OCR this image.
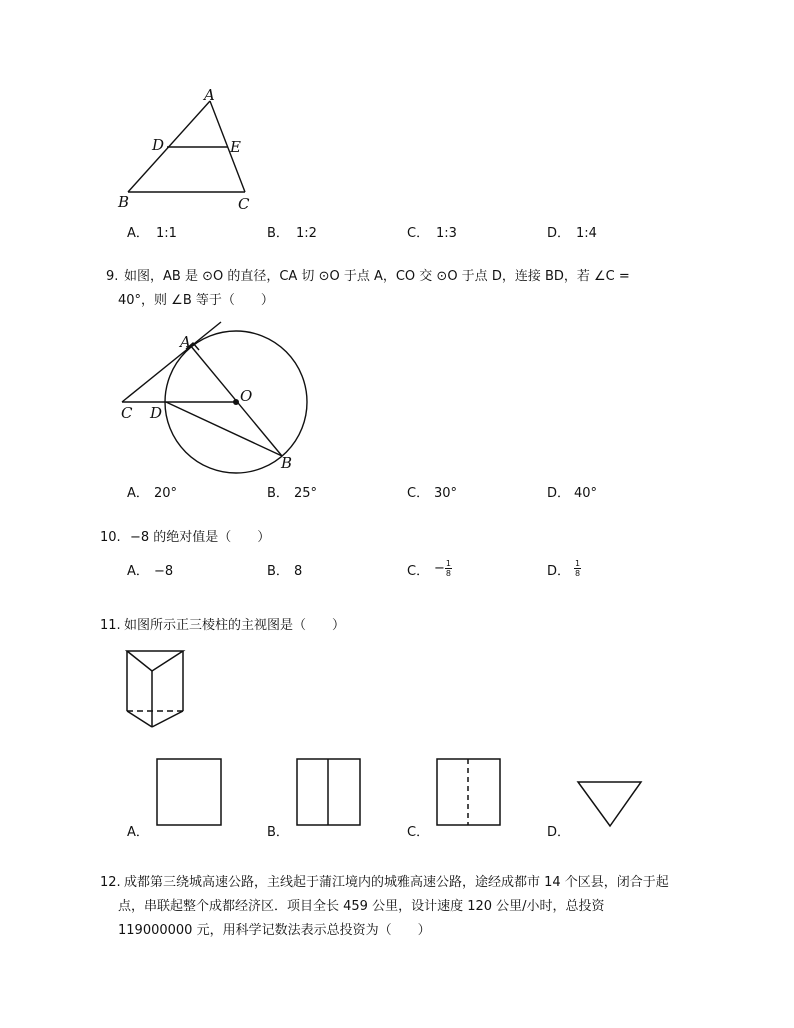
A
D	E
B	C
A． 1:1	B． 1:2	C． 1:3	D． 1:4
9. 如图，AB 是 ⊙O 的直径，CA 切 ⊙O 于点 A，CO 交 ⊙O 于点 D，连接 BD，若 ∠C =
40°，则 ∠B 等于（　　）
A
O
C D
B
A． 20°	B． 25°	C． 30°	D． 40°
10. −8 的绝对值是（　　）
A． −8	B． 8	C． − $\frac{1}{8}$	D． $\frac{1}{8}$
11. 如图所示正三棱柱的主视图是（　　）
A．	B．	C．	D．
12. 成都第三绕城高速公路，主线起于蒲江境内的城雅高速公路，途经成都市 14 个区县，闭合于起
点，串联起整个成都经济区．项目全长 459 公里，设计速度 120 公里/小时，总投资
119000000 元，用科学记数法表示总投资为（　　）
